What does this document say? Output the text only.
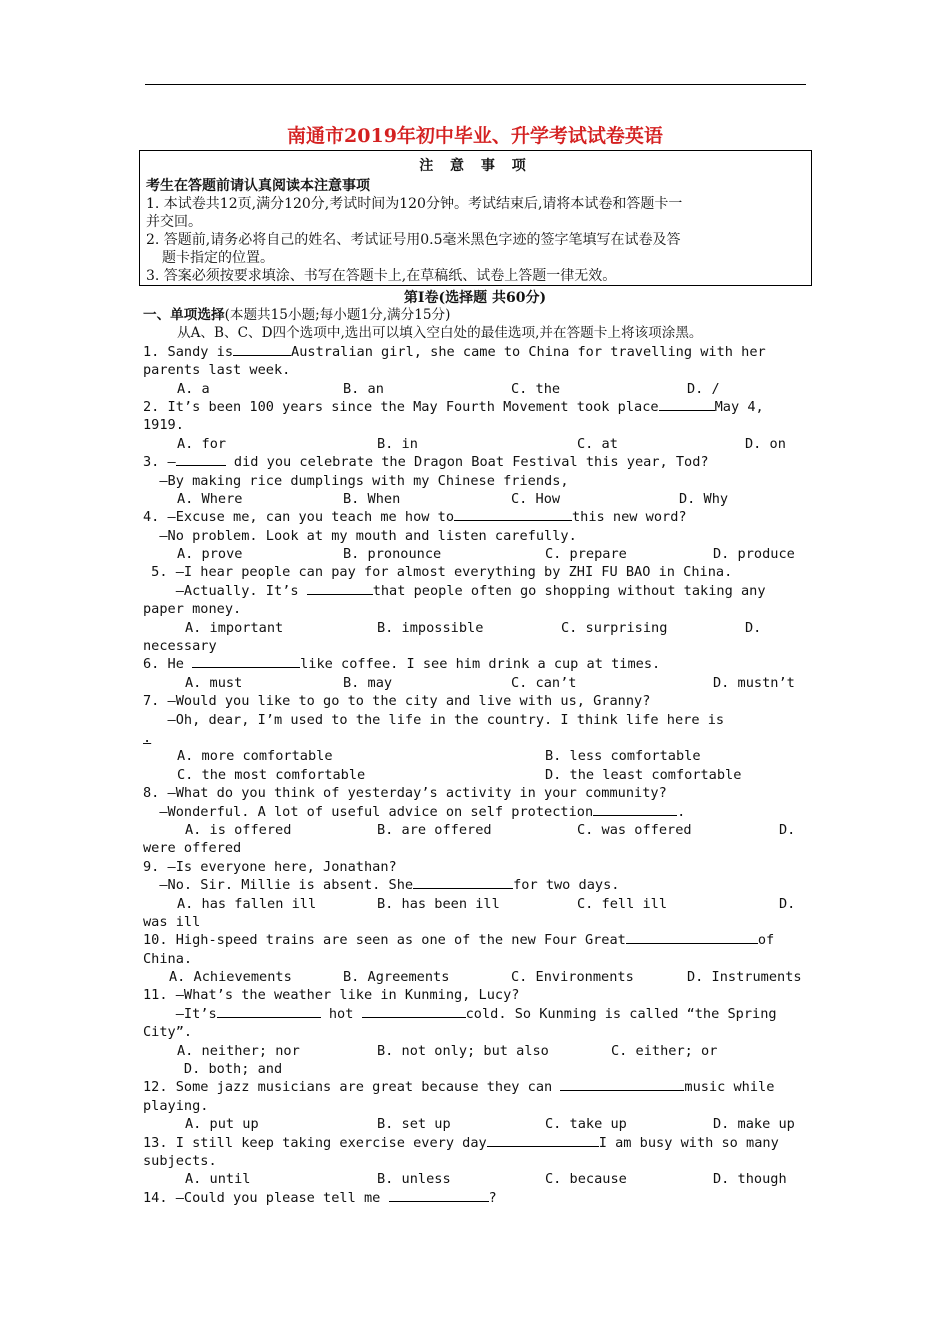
南通市2019年初中毕业、升学考试试卷英语
注 意 事 项
考生在答题前请认真阅读本注意事项
1. 本试卷共12页,满分120分,考试时间为120分钟。考试结束后,请将本试卷和答题卡一
并交回。
2. 答题前,请务必将自己的姓名、考试证号用0.5毫米黑色字迹的签字笔填写在试卷及答
题卡指定的位置。
3. 答案必须按要求填涂、书写在答题卡上,在草稿纸、试卷上答题一律无效。
第Ⅰ卷(选择题 共60分)
一、单项选择(本题共15小题;每小题1分,满分15分)
从A、B、C、D四个选项中,选出可以填入空白处的最佳选项,并在答题卡上将该项涂黑。
1. Sandy is	Australian girl, she came to China for travelling with her
parents last week.
A. a	B. an	C. the	D. /
2. It’s been 100 years since the May Fourth Movement took place	May 4,
1919.
A. for	B. in	C. at	D. on
3. —	did you celebrate the Dragon Boat Festival this year, Tod?
—By making rice dumplings with my Chinese friends,
A. Where	B. When	C. How	D. Why
4. —Excuse me, can you teach me how to	this new word?
—No problem. Look at my mouth and listen carefully.
A. prove	B. pronounce	C. prepare	D. produce
5. —I hear people can pay for almost everything by ZHI FU BAO in China.
—Actually. It’s	that people often go shopping without taking any
paper money.
A. important	B. impossible	C. surprising	D.
necessary
6. He	like coffee. I see him drink a cup at times.
A. must	B. may	C. can’t	D. mustn’t
7. —Would you like to go to the city and live with us, Granny?
—Oh, dear, I’m used to the life in the country. I think life here is
.
A. more comfortable	B. less comfortable
C. the most comfortable	D. the least comfortable
8. —What do you think of yesterday’s activity in your community?
—Wonderful. A lot of useful advice on self protection	.
A. is offered	B. are offered	C. was offered	D.
were offered
9. —Is everyone here, Jonathan?
—No. Sir. Millie is absent. She	for two days.
A. has fallen ill	B. has been ill	C. fell ill	D.
was ill
10. High-speed trains are seen as one of the new Four Great	of
China.
A. Achievements	B. Agreements	C. Environments	D. Instruments
11. —What’s the weather like in Kunming, Lucy?
—It’s	hot	cold. So Kunming is called “the Spring
City”.
A. neither; nor	B. not only; but also	C. either; or
D. both; and
12. Some jazz musicians are great because they can	music while
playing.
A. put up	B. set up	C. take up	D. make up
13. I still keep taking exercise every day	I am busy with so many
subjects.
A. until	B. unless	C. because	D. though
14. —Could you please tell me	?
